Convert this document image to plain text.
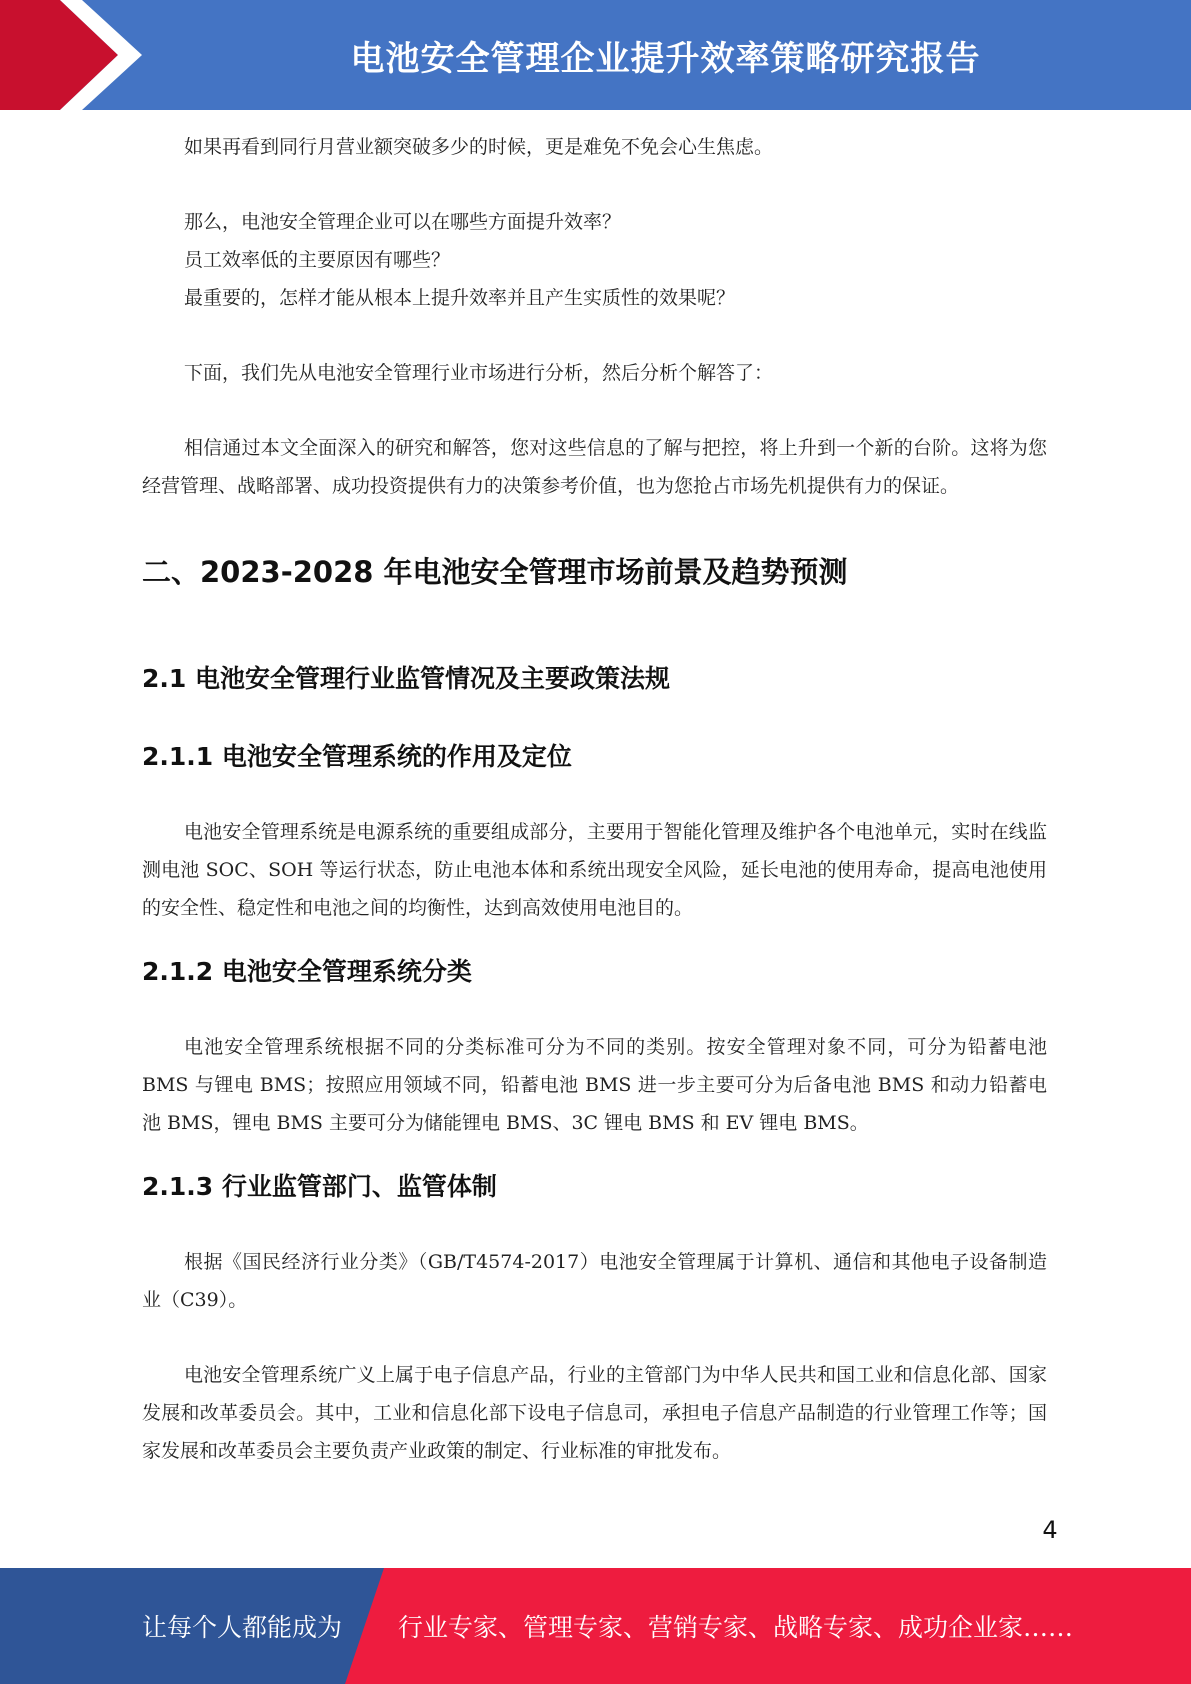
电池安全管理企业提升效率策略研究报告

如果再看到同行月营业额突破多少的时候，更是难免不免会心生焦虑。

那么，电池安全管理企业可以在哪些方面提升效率？

员工效率低的主要原因有哪些？

最重要的，怎样才能从根本上提升效率并且产生实质性的效果呢？

下面，我们先从电池安全管理行业市场进行分析，然后分析个解答了：

相信通过本文全面深入的研究和解答，您对这些信息的了解与把控，将上升到一个新的台阶。这将为您经营管理、战略部署、成功投资提供有力的决策参考价值，也为您抢占市场先机提供有力的保证。

二、2023-2028 年电池安全管理市场前景及趋势预测
2.1 电池安全管理行业监管情况及主要政策法规
2.1.1 电池安全管理系统的作用及定位

电池安全管理系统是电源系统的重要组成部分，主要用于智能化管理及维护各个电池单元，实时在线监测电池 SOC、SOH 等运行状态，防止电池本体和系统出现安全风险，延长电池的使用寿命，提高电池使用的安全性、稳定性和电池之间的均衡性，达到高效使用电池目的。

2.1.2 电池安全管理系统分类

电池安全管理系统根据不同的分类标准可分为不同的类别。按安全管理对象不同，可分为铅蓄电池 BMS 与锂电 BMS；按照应用领域不同，铅蓄电池 BMS 进一步主要可分为后备电池 BMS 和动力铅蓄电池 BMS，锂电 BMS 主要可分为储能锂电 BMS、3C 锂电 BMS 和 EV 锂电 BMS。

2.1.3 行业监管部门、监管体制

根据《国民经济行业分类》（GB/T4574-2017）电池安全管理属于计算机、通信和其他电子设备制造业（C39）。

电池安全管理系统广义上属于电子信息产品，行业的主管部门为中华人民共和国工业和信息化部、国家发展和改革委员会。其中，工业和信息化部下设电子信息司，承担电子信息产品制造的行业管理工作等；国家发展和改革委员会主要负责产业政策的制定、行业标准的审批发布。

4
让每个人都能成为 行业专家、管理专家、营销专家、战略专家、成功企业家……
